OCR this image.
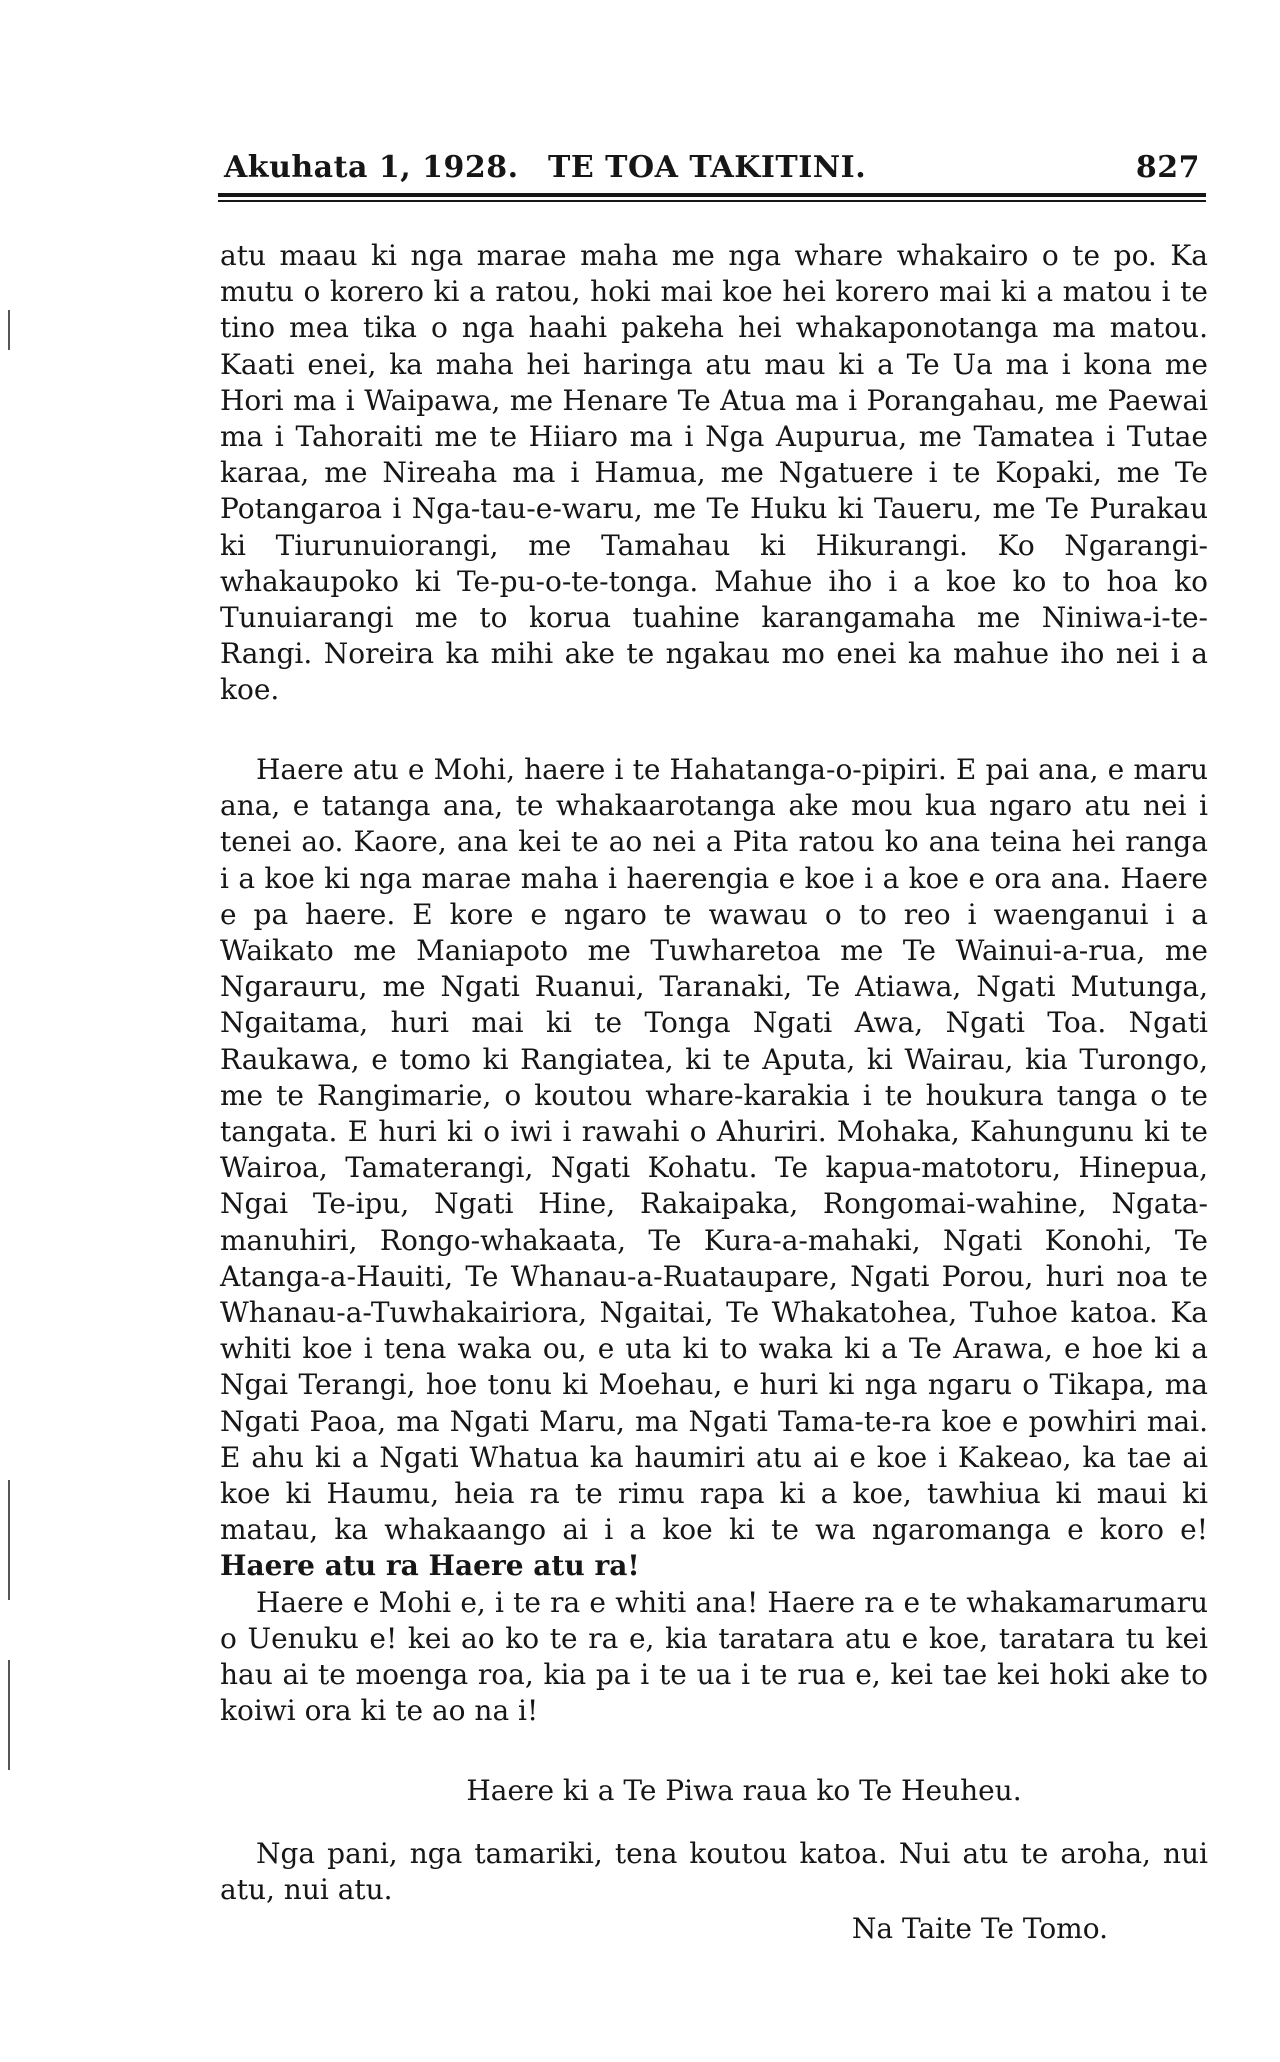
Akuhata 1, 1928. TE TOA TAKITINI.	827
atu maau ki nga marae maha me nga whare whakairo o te po. Ka mutu o korero ki a ratou, hoki mai koe hei korero mai ki a matou i te tino mea tika o nga haahi pakeha hei whakaponotanga ma matou. Kaati enei, ka maha hei haringa atu mau ki a Te Ua ma i kona me Hori ma i Waipawa, me Henare Te Atua ma i Porangahau, me Paewai ma i Tahoraiti me te Hiiaro ma i Nga Aupurua, me Tamatea i Tutae karaa, me Nireaha ma i Hamua, me Ngatuere i te Kopaki, me Te Potangaroa i Nga-tau-e-waru, me Te Huku ki Taueru, me Te Purakau ki Tiurunuiorangi, me Tamahau ki Hikurangi. Ko Ngarangi-whakaupoko ki Te-pu-o-te-tonga. Mahue iho i a koe ko to hoa ko Tunuiarangi me to korua tuahine karangamaha me Niniwa-i-te-Rangi. Noreira ka mihi ake te ngakau mo enei ka mahue iho nei i a koe.
Haere atu e Mohi, haere i te Hahatanga-o-pipiri. E pai ana, e maru ana, e tatanga ana, te whakaarotanga ake mou kua ngaro atu nei i tenei ao. Kaore, ana kei te ao nei a Pita ratou ko ana teina hei ranga i a koe ki nga marae maha i haerengia e koe i a koe e ora ana. Haere e pa haere. E kore e ngaro te wawau o to reo i waenganui i a Waikato me Maniapoto me Tuwharetoa me Te Wainui-a-rua, me Ngarauru, me Ngati Ruanui, Taranaki, Te Atiawa, Ngati Mutunga, Ngaitama, huri mai ki te Tonga Ngati Awa, Ngati Toa. Ngati Raukawa, e tomo ki Rangiatea, ki te Aputa, ki Wairau, kia Turongo, me te Rangimarie, o koutou whare-karakia i te houkura tanga o te tangata. E huri ki o iwi i rawahi o Ahuriri. Mohaka, Kahungunu ki te Wairoa, Tamaterangi, Ngati Kohatu. Te kapua-matotoru, Hinepua, Ngai Te-ipu, Ngati Hine, Rakaipaka, Rongomai-wahine, Ngata-manuhiri, Rongo-whakaata, Te Kura-a-mahaki, Ngati Konohi, Te Atanga-a-Hauiti, Te Whanau-a-Ruataupare, Ngati Porou, huri noa te Whanau-a-Tuwhakairiora, Ngaitai, Te Whakatohea, Tuhoe katoa. Ka whiti koe i tena waka ou, e uta ki to waka ki a Te Arawa, e hoe ki a Ngai Terangi, hoe tonu ki Moehau, e huri ki nga ngaru o Tikapa, ma Ngati Paoa, ma Ngati Maru, ma Ngati Tama-te-ra koe e powhiri mai. E ahu ki a Ngati Whatua ka haumiri atu ai e koe i Kakeao, ka tae ai koe ki Haumu, heia ra te rimu rapa ki a koe, tawhiua ki maui ki matau, ka whakaango ai i a koe ki te wa ngaromanga e koro e! Haere atu ra Haere atu ra!
Haere e Mohi e, i te ra e whiti ana! Haere ra e te whakamarumaru o Uenuku e! kei ao ko te ra e, kia taratara atu e koe, taratara tu kei hau ai te moenga roa, kia pa i te ua i te rua e, kei tae kei hoki ake to koiwi ora ki te ao na i!
Haere ki a Te Piwa raua ko Te Heuheu.
Nga pani, nga tamariki, tena koutou katoa. Nui atu te aroha, nui atu, nui atu.
Na Taite Te Tomo.
